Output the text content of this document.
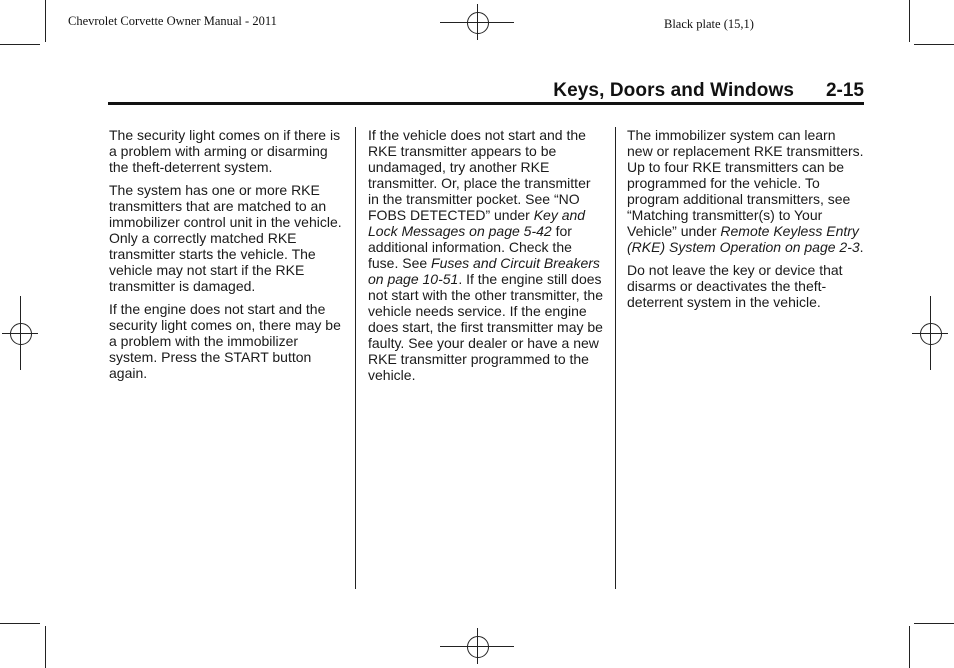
Chevrolet Corvette Owner Manual - 2011	Black plate (15,1)
Keys, Doors and Windows 2-15

The security light comes on if there is a problem with arming or disarming the theft-deterrent system.

The system has one or more RKE transmitters that are matched to an immobilizer control unit in the vehicle. Only a correctly matched RKE transmitter starts the vehicle. The vehicle may not start if the RKE transmitter is damaged.

If the engine does not start and the security light comes on, there may be a problem with the immobilizer system. Press the START button again.

If the vehicle does not start and the RKE transmitter appears to be undamaged, try another RKE transmitter. Or, place the transmitter in the transmitter pocket. See “NO FOBS DETECTED” under Key and Lock Messages on page 5‑42 for additional information. Check the fuse. See Fuses and Circuit Breakers on page 10‑51. If the engine still does not start with the other transmitter, the vehicle needs service. If the engine does start, the first transmitter may be faulty. See your dealer or have a new RKE transmitter programmed to the vehicle.

The immobilizer system can learn new or replacement RKE transmitters. Up to four RKE transmitters can be programmed for the vehicle. To program additional transmitters, see “Matching transmitter(s) to Your Vehicle” under Remote Keyless Entry (RKE) System Operation on page 2‑3.

Do not leave the key or device that disarms or deactivates the theft-deterrent system in the vehicle.
